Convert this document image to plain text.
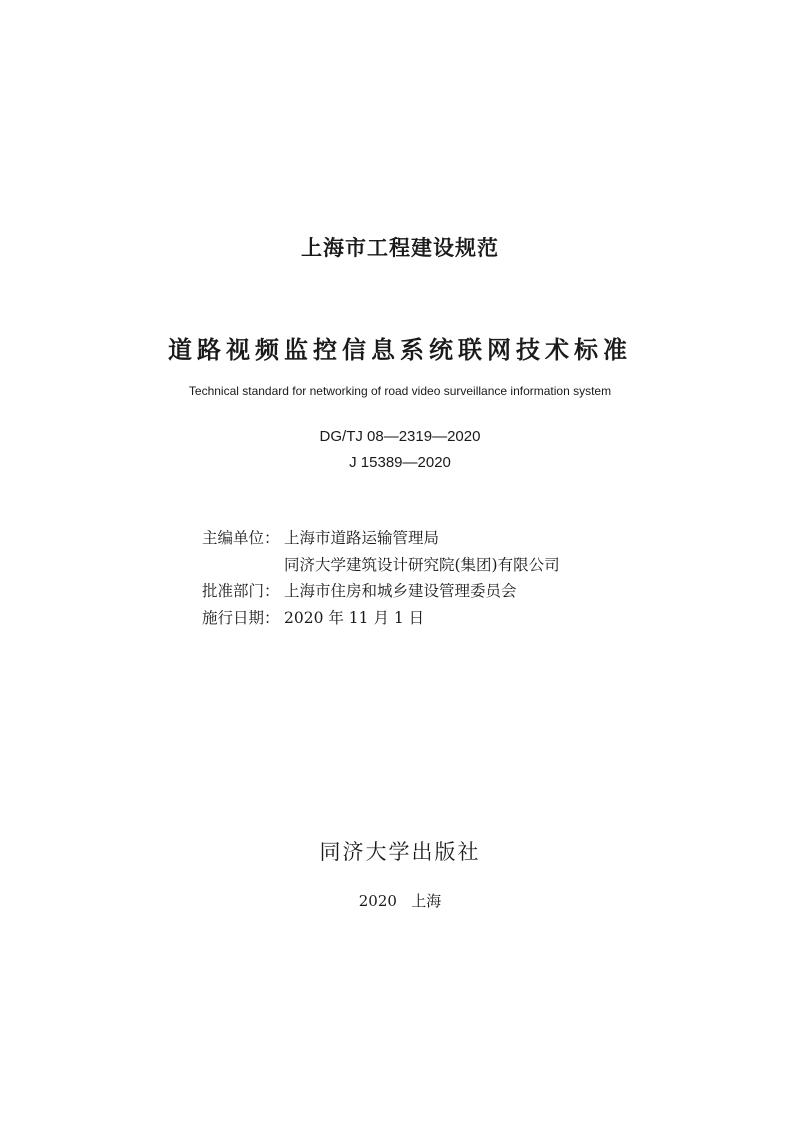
上海市工程建设规范
道路视频监控信息系统联网技术标准
Technical standard for networking of road video surveillance information system
DG/TJ 08—2319—2020
J 15389—2020
主编单位： 上海市道路运输管理局
同济大学建筑设计研究院(集团)有限公司
批准部门： 上海市住房和城乡建设管理委员会
施行日期： 2020 年 11 月 1 日
同济大学出版社
2020 上海
